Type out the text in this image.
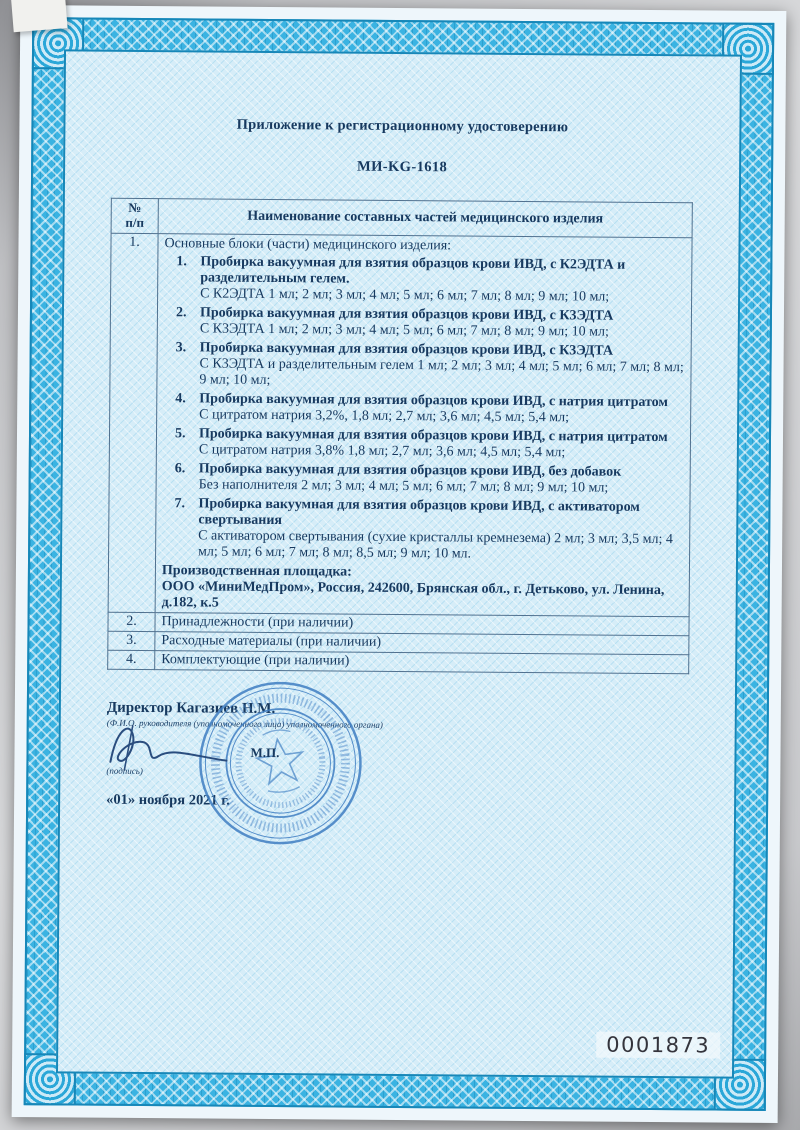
Приложение к регистрационному удостоверению
МИ-KG-1618
№
п/п	Наименование составных частей медицинского изделия
1.	Основные блоки (части) медицинского изделия:
1. Пробирка вакуумная для взятия образцов крови ИВД, с К2ЭДТА и разделительным гелем.
С К2ЭДТА 1 мл; 2 мл; 3 мл; 4 мл; 5 мл; 6 мл; 7 мл; 8 мл; 9 мл; 10 мл;
2. Пробирка вакуумная для взятия образцов крови ИВД, с К3ЭДТА
С К3ЭДТА 1 мл; 2 мл; 3 мл; 4 мл; 5 мл; 6 мл; 7 мл; 8 мл; 9 мл; 10 мл;
3. Пробирка вакуумная для взятия образцов крови ИВД, с К3ЭДТА
С К3ЭДТА и разделительным гелем 1 мл; 2 мл; 3 мл; 4 мл; 5 мл; 6 мл; 7 мл; 8 мл; 9 мл; 10 мл;
4. Пробирка вакуумная для взятия образцов крови ИВД, с натрия цитратом
С цитратом натрия 3,2%, 1,8 мл; 2,7 мл; 3,6 мл; 4,5 мл; 5,4 мл;
5. Пробирка вакуумная для взятия образцов крови ИВД, с натрия цитратом
С цитратом натрия 3,8% 1,8 мл; 2,7 мл; 3,6 мл; 4,5 мл; 5,4 мл;
6. Пробирка вакуумная для взятия образцов крови ИВД, без добавок
Без наполнителя 2 мл; 3 мл; 4 мл; 5 мл; 6 мл; 7 мл; 8 мл; 9 мл; 10 мл;
7. Пробирка вакуумная для взятия образцов крови ИВД, с активатором свертывания
С активатором свертывания (сухие кристаллы кремнезема) 2 мл; 3 мл; 3,5 мл; 4 мл; 5 мл; 6 мл; 7 мл; 8 мл; 8,5 мл; 9 мл; 10 мл.
Производственная площадка:
ООО «МиниМедПром», Россия, 242600, Брянская обл., г. Детьково, ул. Ленина, д.182, к.5

2.	Принадлежности (при наличии)
3.	Расходные материалы (при наличии)
4.	Комплектующие (при наличии)
Директор Кагазиев Н.М.
(Ф.И.О. руководителя (уполномоченного лица) уполномоченного органа)
М.П.
(подпись)
«01» ноября 2021 г.
0001873
